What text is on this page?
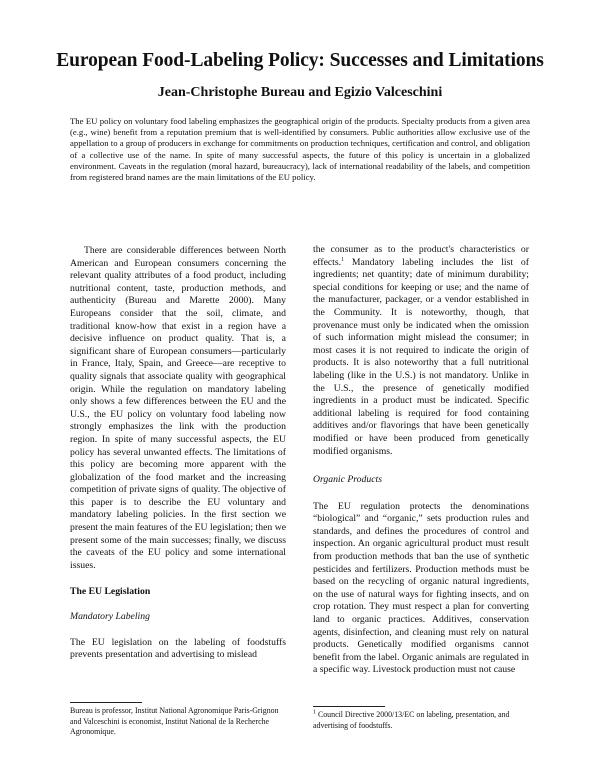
European Food-Labeling Policy: Successes and Limitations
Jean-Christophe Bureau and Egizio Valceschini

The EU policy on voluntary food labeling emphasizes the geographical origin of the products. Specialty products from a given area (e.g., wine) benefit from a reputation premium that is well-identified by consumers. Public authorities allow exclusive use of the appellation to a group of producers in exchange for commitments on production techniques, certification and control, and obligation of a collective use of the name. In spite of many successful aspects, the future of this policy is uncertain in a globalized environment. Caveats in the regulation (moral hazard, bureaucracy), lack of international readability of the labels, and competition from registered brand names are the main limitations of the EU policy.

There are considerable differences between North American and European consumers concerning the relevant quality attributes of a food product, including nutritional content, taste, production methods, and authenticity (Bureau and Marette 2000). Many Europeans consider that the soil, climate, and traditional know-how that exist in a region have a decisive influence on product quality. That is, a significant share of European consumers—particularly in France, Italy, Spain, and Greece—are receptive to quality signals that associate quality with geographical origin. While the regulation on mandatory labeling only shows a few differences between the EU and the U.S., the EU policy on voluntary food labeling now strongly emphasizes the link with the production region. In spite of many successful aspects, the EU policy has several unwanted effects. The limitations of this policy are becoming more apparent with the globalization of the food market and the increasing competition of private signs of quality. The objective of this paper is to describe the EU voluntary and mandatory labeling policies. In the first section we present the main features of the EU legislation; then we present some of the main successes; finally, we discuss the caveats of the EU policy and some international issues.

The EU Legislation

Mandatory Labeling

The EU legislation on the labeling of foodstuffs prevents presentation and advertising to mislead

the consumer as to the product's characteristics or effects.$^1$ Mandatory labeling includes the list of ingredients; net quantity; date of minimum durability; special conditions for keeping or use; and the name of the manufacturer, packager, or a vendor established in the Community. It is noteworthy, though, that provenance must only be indicated when the omission of such information might mislead the consumer; in most cases it is not required to indicate the origin of products. It is also noteworthy that a full nutritional labeling (like in the U.S.) is not mandatory. Unlike in the U.S., the presence of genetically modified ingredients in a product must be indicated. Specific additional labeling is required for food containing additives and/or flavorings that have been genetically modified or have been produced from genetically modified organisms.

Organic Products

The EU regulation protects the denominations “biological” and “organic,” sets production rules and standards, and defines the procedures of control and inspection. An organic agricultural product must result from production methods that ban the use of synthetic pesticides and fertilizers. Production methods must be based on the recycling of organic natural ingredients, on the use of natural ways for fighting insects, and on crop rotation. They must respect a plan for converting land to organic practices. Additives, conservation agents, disinfection, and cleaning must rely on natural products. Genetically modified organisms cannot benefit from the label. Organic animals are regulated in a specific way. Livestock production must not cause

Bureau is professor, Institut National Agronomique Paris-Grignon and Valceschini is economist, Institut National de la Recherche Agronomique.
$^1$ Council Directive 2000/13/EC on labeling, presentation, and advertising of foodstuffs.
